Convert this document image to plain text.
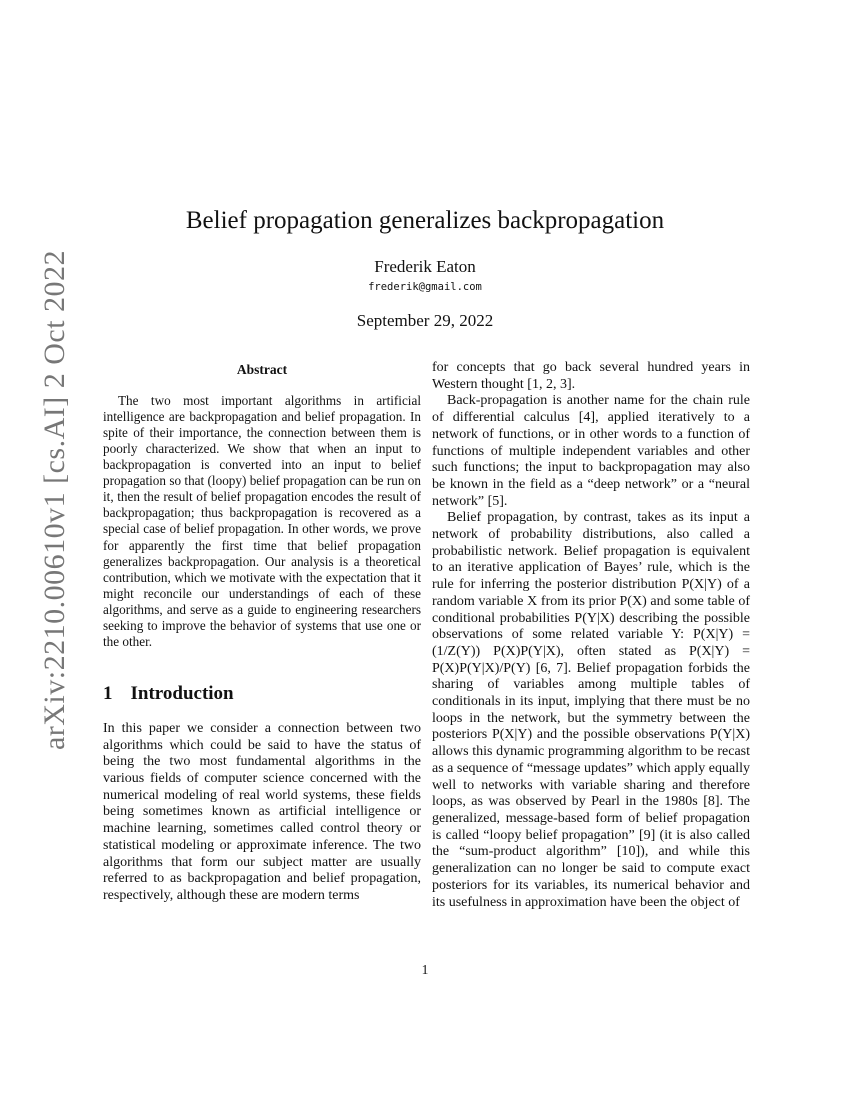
arXiv:2210.00610v1 [cs.AI] 2 Oct 2022
Belief propagation generalizes backpropagation
Frederik Eaton
frederik@gmail.com
September 29, 2022
Abstract

The two most important algorithms in artificial intelligence are backpropagation and belief propagation. In spite of their importance, the connection between them is poorly characterized. We show that when an input to backpropagation is converted into an input to belief propagation so that (loopy) belief propagation can be run on it, then the result of belief propagation encodes the result of backpropagation; thus backpropagation is recovered as a special case of belief propagation. In other words, we prove for apparently the first time that belief propagation generalizes backpropagation. Our analysis is a theoretical contribution, which we motivate with the expectation that it might reconcile our understandings of each of these algorithms, and serve as a guide to engineering researchers seeking to improve the behavior of systems that use one or the other.

1 Introduction

In this paper we consider a connection between two algorithms which could be said to have the status of being the two most fundamental algorithms in the various fields of computer science concerned with the numerical modeling of real world systems, these fields being sometimes known as artificial intelligence or machine learning, sometimes called control theory or statistical modeling or approximate inference. The two algorithms that form our subject matter are usually referred to as backpropagation and belief propagation, respectively, although these are modern terms

for concepts that go back several hundred years in Western thought [1, 2, 3].

Back-propagation is another name for the chain rule of differential calculus [4], applied iteratively to a network of functions, or in other words to a function of functions of multiple independent variables and other such functions; the input to backpropagation may also be known in the field as a “deep network” or a “neural network” [5].

Belief propagation, by contrast, takes as its input a network of probability distributions, also called a probabilistic network. Belief propagation is equivalent to an iterative application of Bayes’ rule, which is the rule for inferring the posterior distribution P(X|Y) of a random variable X from its prior P(X) and some table of conditional probabilities P(Y|X) describing the possible observations of some related variable Y: P(X|Y) = (1/Z(Y)) P(X)P(Y|X), often stated as P(X|Y) = P(X)P(Y|X)/P(Y) [6, 7]. Belief propagation forbids the sharing of variables among multiple tables of conditionals in its input, implying that there must be no loops in the network, but the symmetry between the posteriors P(X|Y) and the possible observations P(Y|X) allows this dynamic programming algorithm to be recast as a sequence of “message updates” which apply equally well to networks with variable sharing and therefore loops, as was observed by Pearl in the 1980s [8]. The generalized, message-based form of belief propagation is called “loopy belief propagation” [9] (it is also called the “sum-product algorithm” [10]), and while this generalization can no longer be said to compute exact posteriors for its variables, its numerical behavior and its usefulness in approximation have been the object of

1
